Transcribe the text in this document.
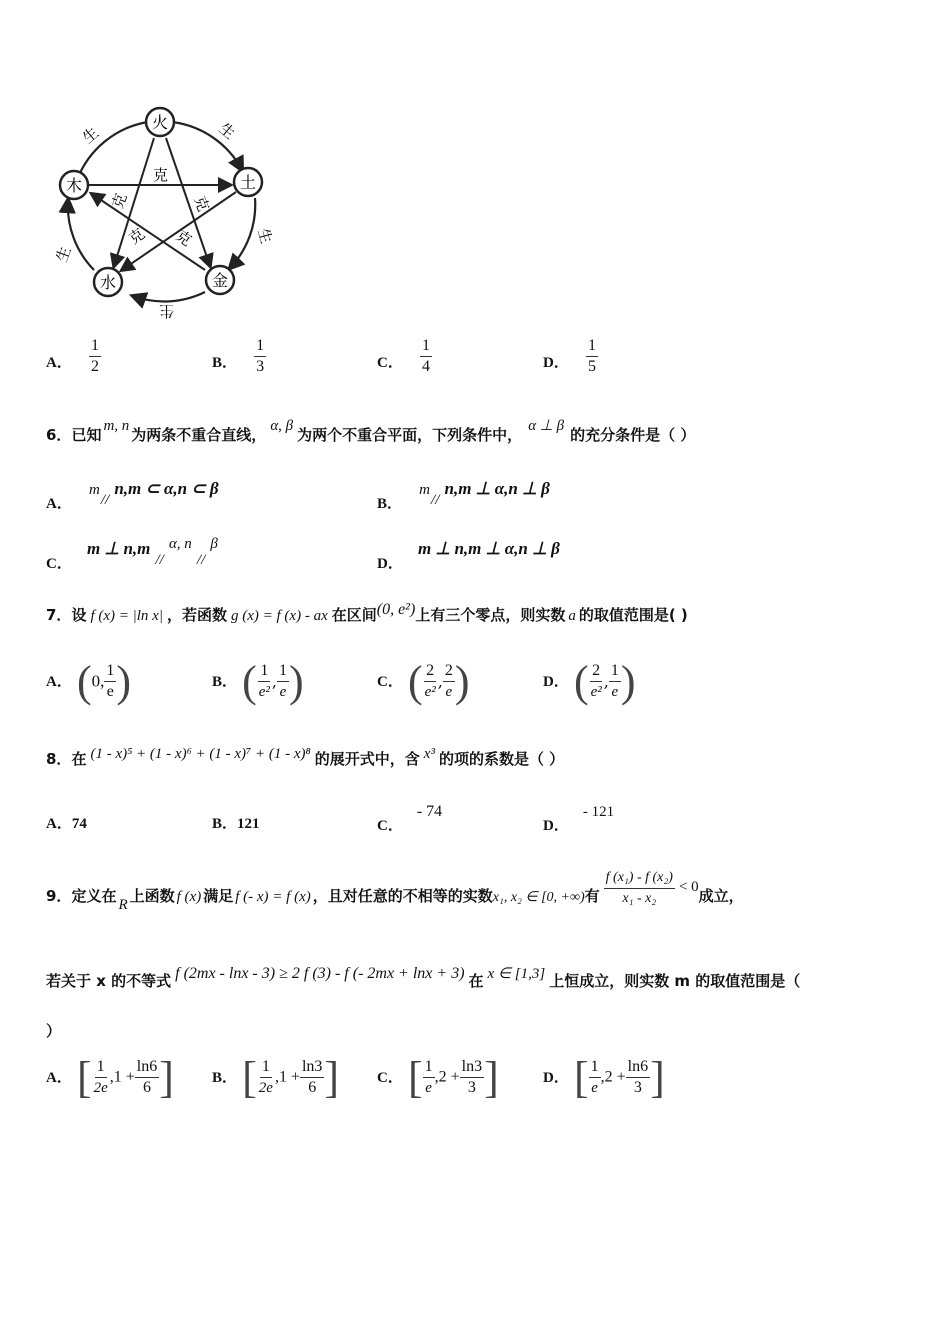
火
土
金
水
木
生	生
生
生
生
克
克	克
克 克
A． $\frac{1}{2}$	B． $\frac{1}{3}$	C． $\frac{1}{4}$	D． $\frac{1}{5}$
6．已知 m, n 为两条不重合直线， α, β 为两个不重合平面，下列条件中， α ⊥ β 的充分条件是（ ）
A． m // n,m ⊂ α,n ⊂ β
B． m // n,m ⊥ α,n ⊥ β
C． m ⊥ n,m // α, n // β
D． m ⊥ n,m ⊥ α,n ⊥ β
7．设 f (x) = |ln x| ，若函数 g (x) = f (x) - ax 在区间(0, e²)上有三个零点，则实数 a 的取值范围是( )
A． (0, $\frac{1}{e}$ )	B． ( $\frac{1}{\text{e²}}$ , $\frac{1}{e}$ )	C． ( $\frac{2}{\text{e²}}$ , $\frac{2}{e}$ )	D． ( $\frac{2}{\text{e²}}$ , $\frac{1}{e}$ )
8．在 (1 - x)⁵ + (1 - x)⁶ + (1 - x)⁷ + (1 - x)⁸ 的展开式中，含 x³ 的项的系数是（ ）
A．74	B．121	C．- 74
D．- 121
9．定义在 R 上函数 f (x) 满足 f (- x) = f (x) ，且对任意的不相等的实数x₁, x₂ ∈ [0, +∞)有 $\frac{\text{f (x₁) - f (x₂)}}{\text{x₁ - x₂}} < 0$成立，
若关于 x 的不等式 f (2mx - lnx - 3) ≥ 2 f (3) - f (- 2mx + lnx + 3) 在 x ∈ [1,3] 上恒成立，则实数 m 的取值范围是（
）
A． [ $\frac{1}{2e} ,1 + \frac{\ln 6}{6}$ ]	B． [ $\frac{1}{2e} ,1 + \frac{\ln 3}{6}$ ]	C． [ $\frac{1}{e} ,2 + \frac{\ln 3}{3}$ ]	D． [ $\frac{1}{e} ,2 + \frac{\ln 6}{3}$ ]
